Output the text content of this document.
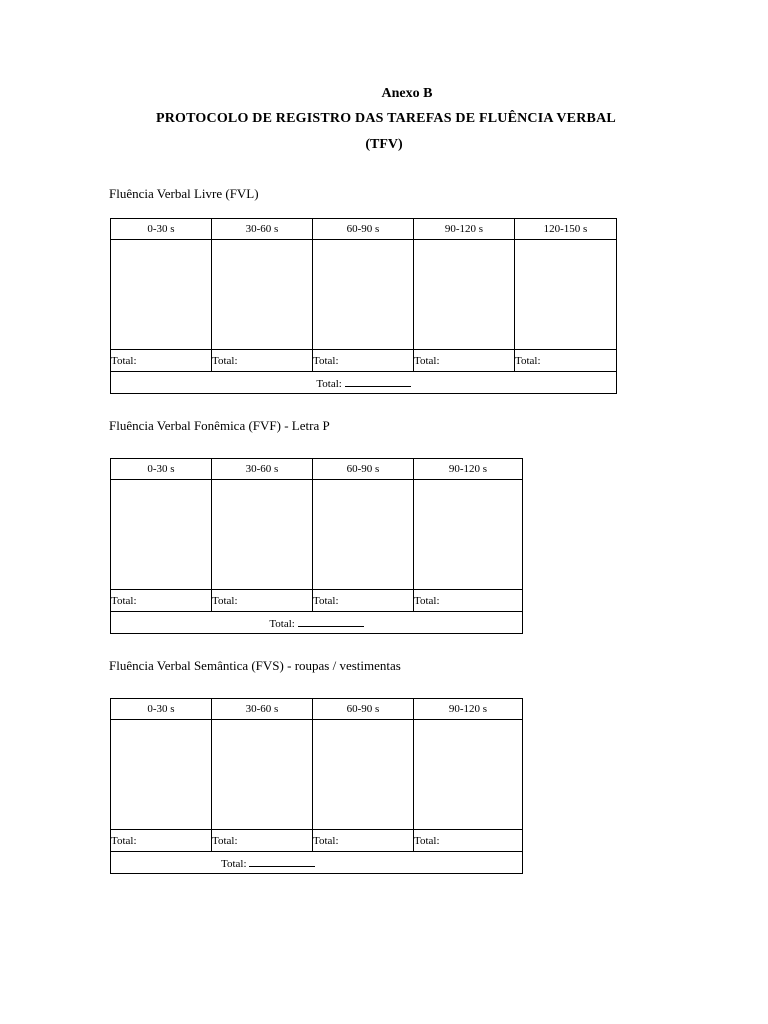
Anexo B
PROTOCOLO DE REGISTRO DAS TAREFAS DE FLUÊNCIA VERBAL
(TFV)
Fluência Verbal Livre (FVL)
0-30 s	30-60 s	60-90 s	90-120 s	120-150 s

Total:	Total:	Total:	Total:	Total:
Total:				
Fluência Verbal Fonêmica (FVF) - Letra P
0-30 s	30-60 s	60-90 s	90-120 s

Total:	Total:	Total:	Total:
Total:			
Fluência Verbal Semântica (FVS) - roupas / vestimentas
0-30 s	30-60 s	60-90 s	90-120 s

Total:	Total:	Total:	Total:
Total:			
